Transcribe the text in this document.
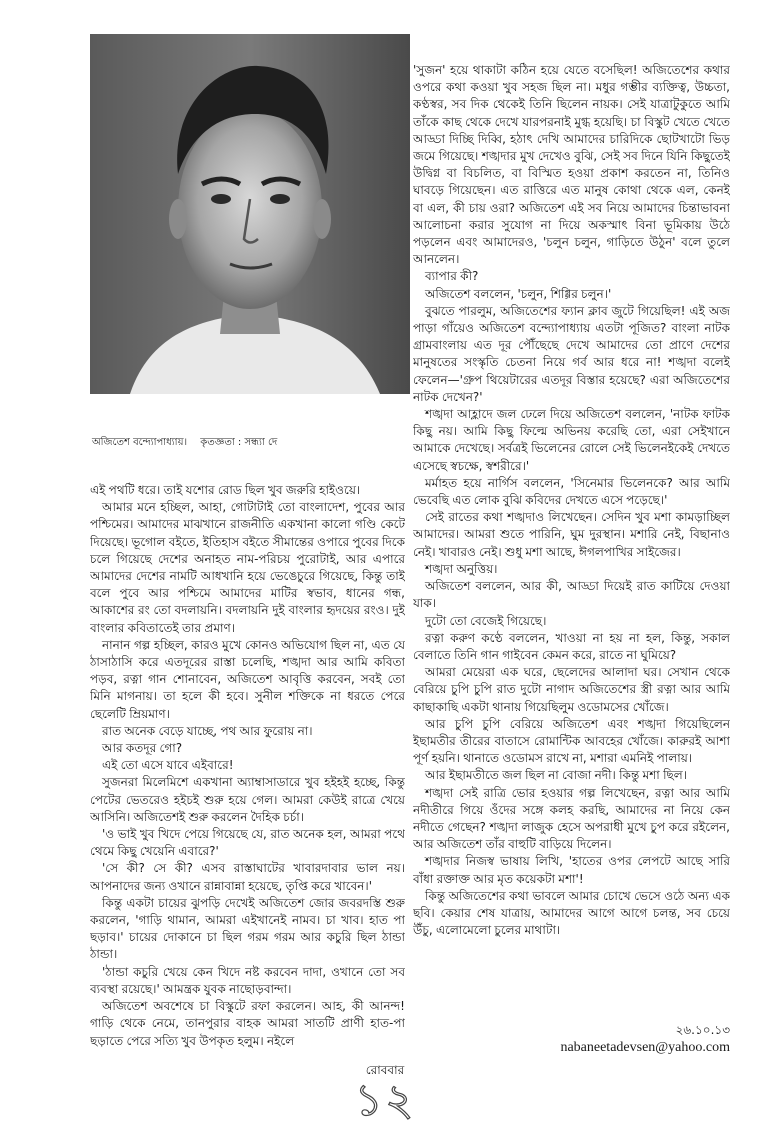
অজিতেশ বন্দ্যোপাধ্যায়। কৃতজ্ঞতা : সন্ধ্যা দে

এই পথটি ধরে। তাই যশোর রোড ছিল খুব জরুরি হাইওয়ে।

আমার মনে হচ্ছিল, আহা, গোটাটাই তো বাংলাদেশ, পুবের আর পশ্চিমের। আমাদের মাঝখানে রাজনীতি একখানা কালো গণ্ডি কেটে দিয়েছে। ভূগোল বইতে, ইতিহাস বইতে সীমান্তের ওপারে পুবের দিকে চলে গিয়েছে দেশের অনাহত নাম-পরিচয় পুরোটাই, আর এপারে আমাদের দেশের নামটি আধখানি হয়ে ভেঙেচুরে গিয়েছে, কিন্তু তাই বলে পুবে আর পশ্চিমে আমাদের মাটির স্বভাব, ধানের গন্ধ, আকাশের রং তো বদলায়নি। বদলায়নি দুই বাংলার হৃদয়ের রংও। দুই বাংলার কবিতাতেই তার প্রমাণ।

নানান গল্প হচ্ছিল, কারও মুখে কোনও অভিযোগ ছিল না, এত যে ঠাসাঠাসি করে এতদূরের রাস্তা চলেছি, শঙ্খদা আর আমি কবিতা পড়ব, রত্না গান শোনাবেন, অজিতেশ আবৃত্তি করবেন, সবই তো মিনি মাগনায়। তা হলে কী হবে। সুনীল শক্তিকে না ধরতে পেরে ছেলেটি ম্রিয়মাণ।

রাত অনেক বেড়ে যাচ্ছে, পথ আর ফুরোয় না।

আর কতদূর গো?

এই তো এসে যাবে এইবারে!

সুজনরা মিলেমিশে একখানা অ্যাম্বাসাডারে খুব হইহই হচ্ছে, কিন্তু পেটের ভেতরেও হইচই শুরু হয়ে গেল। আমরা কেউই রাত্রে খেয়ে আসিনি। অজিতেশই শুরু করলেন দৈহিক চর্চা।

'ও ভাই খুব খিদে পেয়ে গিয়েছে যে, রাত অনেক হল, আমরা পথে থেমে কিছু খেয়েনি এবারে?'

'সে কী? সে কী? এসব রাস্তাঘাটের খাবারদাবার ভাল নয়। আপনাদের জন্য ওখানে রান্নাবান্না হয়েছে, তৃপ্তি করে খাবেন।'

কিন্তু একটা চায়ের ঝুপড়ি দেখেই অজিতেশ জোর জবরদস্তি শুরু করলেন, 'গাড়ি থামান, আমরা এইখানেই নামব। চা খাব। হাত পা ছড়াব।' চায়ের দোকানে চা ছিল গরম গরম আর কচুরি ছিল ঠান্ডা ঠান্ডা।

'ঠান্ডা কচুরি খেয়ে কেন খিদে নষ্ট করবেন দাদা, ওখানে তো সব ব্যবস্থা রয়েছে।' আমন্ত্রক যুবক নাছোড়বান্দা।

অজিতেশ অবশেষে চা বিস্কুটে রফা করলেন। আহ, কী আনন্দ! গাড়ি থেকে নেমে, তানপুরার বাহক আমরা সাতটি প্রাণী হাত-পা ছড়াতে পেরে সত্যি খুব উপকৃত হলুম। নইলে

'সুজন' হয়ে থাকাটা কঠিন হয়ে যেতে বসেছিল! অজিতেশের কথার ওপরে কথা কওয়া খুব সহজ ছিল না। মধুর গম্ভীর ব্যক্তিত্ব, উচ্চতা, কণ্ঠস্বর, সব দিক থেকেই তিনি ছিলেন নায়ক। সেই যাত্রাটুকুতে আমি তাঁকে কাছ থেকে দেখে যারপরনাই মুগ্ধ হয়েছি। চা বিস্কুট খেতে খেতে আড্ডা দিচ্ছি দিব্বি, হঠাৎ দেখি আমাদের চারিদিকে ছোটখাটো ভিড় জমে গিয়েছে। শঙ্খদার মুখ দেখেও বুঝি, সেই সব দিনে যিনি কিছুতেই উদ্বিগ্ন বা বিচলিত, বা বিস্মিত হওয়া প্রকাশ করতেন না, তিনিও ঘাবড়ে গিয়েছেন। এত রাত্তিরে এত মানুষ কোথা থেকে এল, কেনই বা এল, কী চায় ওরা? অজিতেশ এই সব নিয়ে আমাদের চিন্তাভাবনা আলোচনা করার সুযোগ না দিয়ে অকস্মাৎ বিনা ভূমিকায় উঠে পড়লেন এবং আমাদেরও, 'চলুন চলুন, গাড়িতে উঠুন' বলে তুলে আনলেন।

ব্যাপার কী?

অজিতেশ বললেন, 'চলুন, শিগ্গির চলুন।'

বুঝতে পারলুম, অজিতেশের ফ্যান ক্লাব জুটে গিয়েছিল! এই অজ পাড়া গাঁয়েও অজিতেশ বন্দ্যোপাধ্যায় এতটা পূজিত? বাংলা নাটক গ্রামবাংলায় এত দূর পৌঁছেছে দেখে আমাদের তো প্রাণে দেশের মানুষতের সংস্কৃতি চেতনা নিয়ে গর্ব আর ধরে না! শঙ্খদা বলেই ফেলেন—'গ্রুপ থিয়েটারের এতদূর বিস্তার হয়েছে? এরা অজিতেশের নাটক দেখেন?'

শঙ্খদা আহ্লাদে জল ঢেলে দিয়ে অজিতেশ বললেন, 'নাটক ফাটক কিছু নয়। আমি কিছু ফিল্মে অভিনয় করেছি তো, এরা সেইখানে আমাকে দেখেছে। সর্বত্রই ভিলেনের রোলে সেই ভিলেনইকেই দেখতে এসেছে স্বচক্ষে, স্বশরীরে।'

মর্মাহত হয়ে নার্গিস বললেন, 'সিনেমার ভিলেনকে? আর আমি ভেবেছি এত লোক বুঝি কবিদের দেখতে এসে পড়েছে।'

সেই রাতের কথা শঙ্খদাও লিখেছেন। সেদিন খুব মশা কামড়াচ্ছিল আমাদের। আমরা শুতে পারিনি, ঘুম দুরস্থান। মশারি নেই, বিছানাও নেই। খাবারও নেই। শুধু মশা আছে, ঈগলপাখির সাইজের।

শঙ্খদা অনুত্তিয়।

অজিতেশ বললেন, আর কী, আড্ডা দিয়েই রাত কাটিয়ে দেওয়া যাক।

দুটো তো বেজেই গিয়েছে।

রত্না করুণ কণ্ঠে বললেন, খাওয়া না হয় না হল, কিন্তু, সকাল বেলাতে তিনি গান গাইবেন কেমন করে, রাতে না ঘুমিয়ে?

আমরা মেয়েরা এক ঘরে, ছেলেদের আলাদা ঘর। সেখান থেকে বেরিয়ে চুপি চুপি রাত দুটো নাগাদ অজিতেশের স্ত্রী রত্না আর আমি কাছাকাছি একটা থানায় গিয়েছিলুম ওডোমসের খোঁজে।

আর চুপি চুপি বেরিয়ে অজিতেশ এবং শঙ্খদা গিয়েছিলেন ইছামতীর তীরের বাতাসে রোমান্টিক আবহের খোঁজে। কারুরই আশা পূর্ণ হয়নি। থানাতে ওডোমস রাখে না, মশারা এমনিই পালায়।

আর ইছামতীতে জল ছিল না বোজা নদী। কিন্তু মশা ছিল।

শঙ্খদা সেই রাত্রি ভোর হওয়ার গল্প লিখেছেন, রত্না আর আমি নদীতীরে গিয়ে ওঁদের সঙ্গে কলহ করছি, আমাদের না নিয়ে কেন নদীতে গেছেন? শঙ্খদা লাজুক হেসে অপরাধী মুখে চুপ করে রইলেন, আর অজিতেশ তাঁর বাহুটি বাড়িয়ে দিলেন।

শঙ্খদার নিজস্ব ভাষায় লিখি, 'হাতের ওপর লেপটে আছে সারি বাঁধা রক্তাক্ত আর মৃত কয়েকটা মশা'!

কিন্তু অজিতেশের কথা ভাবলে আমার চোখে ভেসে ওঠে অন্য এক ছবি। কেয়ার শেষ যাত্রায়, আমাদের আগে আগে চলন্ত, সব চেয়ে উঁচু, এলোমেলো চুলের মাথাটা।

২৬.১০.১৩
nabaneetadevsen@yahoo.com
রোববার
১২
